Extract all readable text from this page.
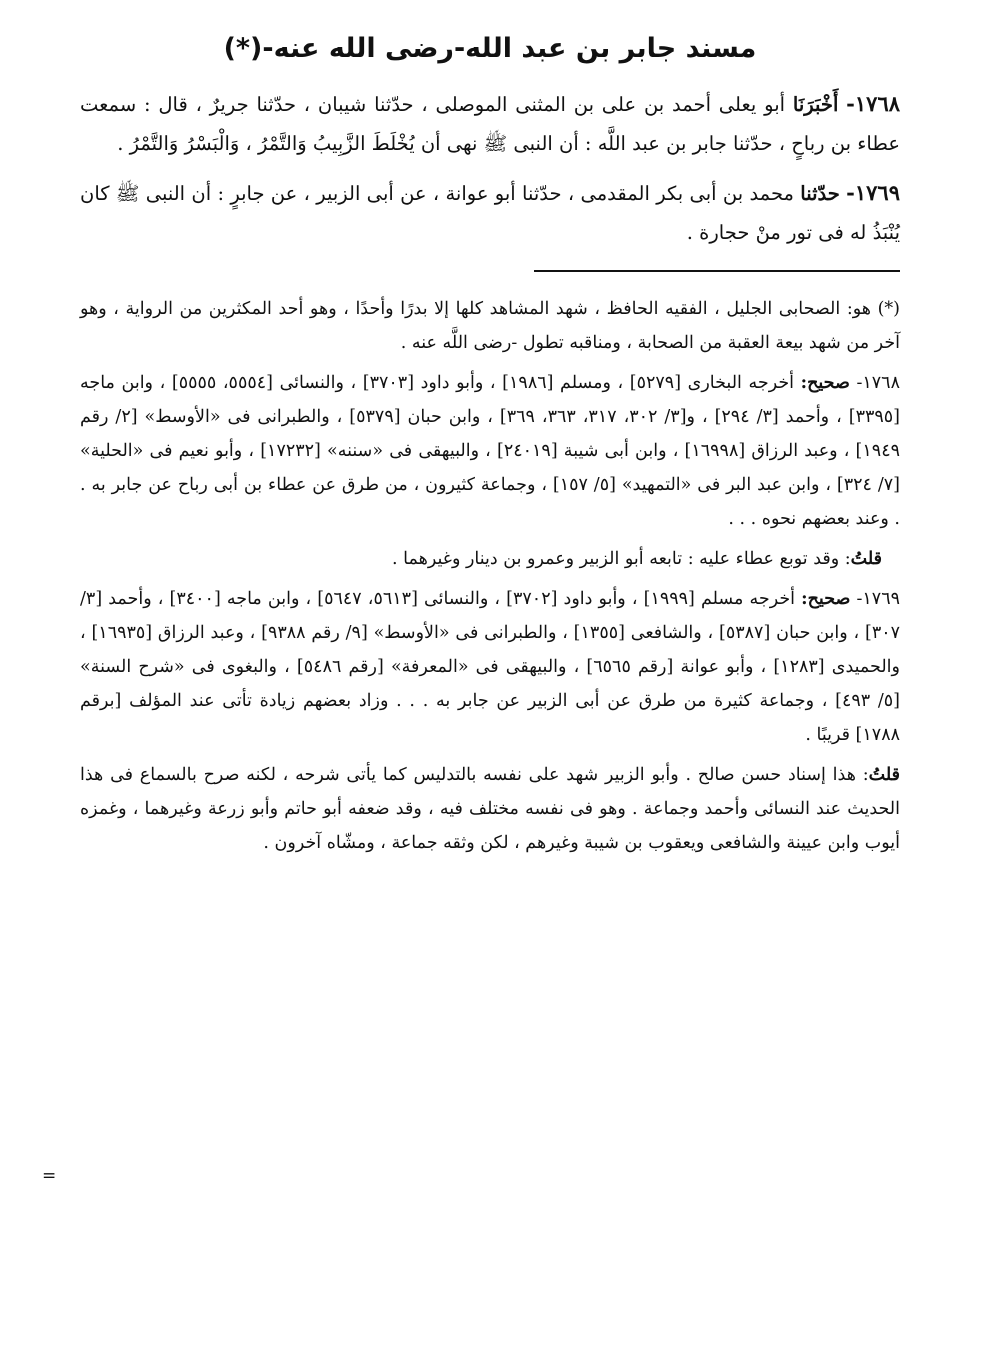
مسند جابر بن عبد الله-رضى الله عنه-(*)

١٧٦٨- أَخْبَرَنَا أبو يعلى أحمد بن على بن المثنى الموصلى ، حدّثنا شيبان ، حدّثنا جريرٌ ، قال : سمعت عطاء بن رباحٍ ، حدّثنا جابر بن عبد اللَّه : أن النبى ﷺ نهى أن يُخْلَطَ الزَّبِيبُ وَالتَّمْرُ ، وَالْبَسْرُ وَالتَّمْرُ .

١٧٦٩- حدّثنا محمد بن أبى بكر المقدمى ، حدّثنا أبو عوانة ، عن أبى الزبير ، عن جابرٍ : أن النبى ﷺ كان يُنْبَذُ له فى تور منْ حجارة .

(*) هو: الصحابى الجليل ، الفقيه الحافظ ، شهد المشاهد كلها إلا بدرًا وأحدًا ، وهو أحد المكثرين من الرواية ، وهو آخر من شهد بيعة العقبة من الصحابة ، ومناقبه تطول -رضى اللَّه عنه .

١٧٦٨- صحيح: أخرجه البخارى [٥٢٧٩] ، ومسلم [١٩٨٦] ، وأبو داود [٣٧٠٣] ، والنسائى [٥٥٥٤، ٥٥٥٥] ، وابن ماجه [٣٣٩٥] ، وأحمد [٣/ ٢٩٤] ، و[٣/ ٣٠٢، ٣١٧، ٣٦٣، ٣٦٩] ، وابن حبان [٥٣٧٩] ، والطبرانى فى «الأوسط» [٢/ رقم ١٩٤٩] ، وعبد الرزاق [١٦٩٩٨] ، وابن أبى شيبة [٢٤٠١٩] ، والبيهقى فى «سننه» [١٧٢٣٢] ، وأبو نعيم فى «الحلية» [٧/ ٣٢٤] ، وابن عبد البر فى «التمهيد» [٥/ ١٥٧] ، وجماعة كثيرون ، من طرق عن عطاء بن أبى رباح عن جابر به . . وعند بعضهم نحوه . . .

قلتُ: وقد توبع عطاء عليه : تابعه أبو الزبير وعمرو بن دينار وغيرهما .

١٧٦٩- صحيح: أخرجه مسلم [١٩٩٩] ، وأبو داود [٣٧٠٢] ، والنسائى [٥٦١٣، ٥٦٤٧] ، وابن ماجه [٣٤٠٠] ، وأحمد [٣/ ٣٠٧] ، وابن حبان [٥٣٨٧] ، والشافعى [١٣٥٥] ، والطبرانى فى «الأوسط» [٩/ رقم ٩٣٨٨] ، وعبد الرزاق [١٦٩٣٥] ، والحميدى [١٢٨٣] ، وأبو عوانة [رقم ٦٥٦٥] ، والبيهقى فى «المعرفة» [رقم ٥٤٨٦] ، والبغوى فى «شرح السنة» [٥/ ٤٩٣] ، وجماعة كثيرة من طرق عن أبى الزبير عن جابر به . . . وزاد بعضهم زيادة تأتى عند المؤلف [برقم ١٧٨٨] قريبًا .

قلتُ: هذا إسناد حسن صالح . وأبو الزبير شهد على نفسه بالتدليس كما يأتى شرحه ، لكنه صرح بالسماع فى هذا الحديث عند النسائى وأحمد وجماعة . وهو فى نفسه مختلف فيه ، وقد ضعفه أبو حاتم وأبو زرعة وغيرهما ، وغمزه أيوب وابن عيينة والشافعى ويعقوب بن شيبة وغيرهم ، لكن وثقه جماعة ، ومشّاه آخرون .

=
